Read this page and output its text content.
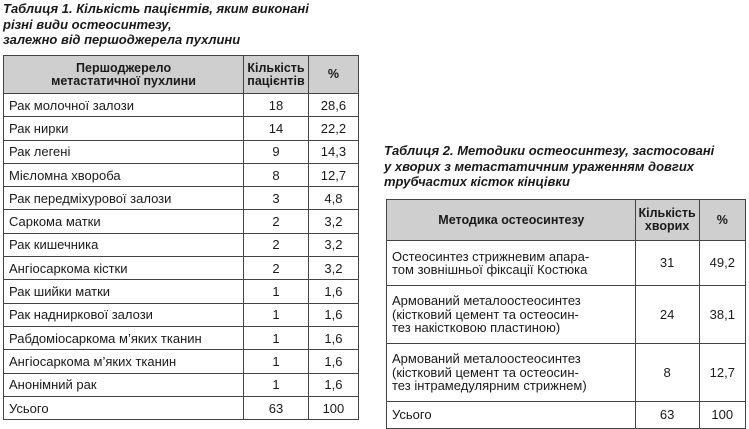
Таблиця 1. Кількість пацієнтів, яким виконані
різні види остеосинтезу,
залежно від першоджерела пухлини
Першоджерело
метастатичної пухлини	Кількість
пацієнтів	%
Рак молочної залози	18	28,6
Рак нирки	14	22,2
Рак легені	9	14,3
Мієломна хвороба	8	12,7
Рак передміхурової залози	3	4,8
Саркома матки	2	3,2
Рак кишечника	2	3,2
Ангіосаркома кістки	2	3,2
Рак шийки матки	1	1,6
Рак надниркової залози	1	1,6
Рабдоміосаркома м’яких тканин	1	1,6
Ангіосаркома м’яких тканин	1	1,6
Анонімний рак	1	1,6
Усього	63	100
Таблиця 2. Методики остеосинтезу, застосовані
у хворих з метастатичним ураженням довгих
трубчастих кісток кінцівки
Методика остеосинтезу	Кількість
хворих	%

Остеосинтез стрижневим апара-
том зовнішньої фіксації Костюка	31	49,2

Армований металоостеосинтез
(кістковий цемент та остеосин-
тез накістковою пластиною)	24	38,1

Армований металоостеосинтез
(кістковий цемент та остеосин-
тез інтрамедулярним стрижнем)	8	12,7

Усього	63	100
